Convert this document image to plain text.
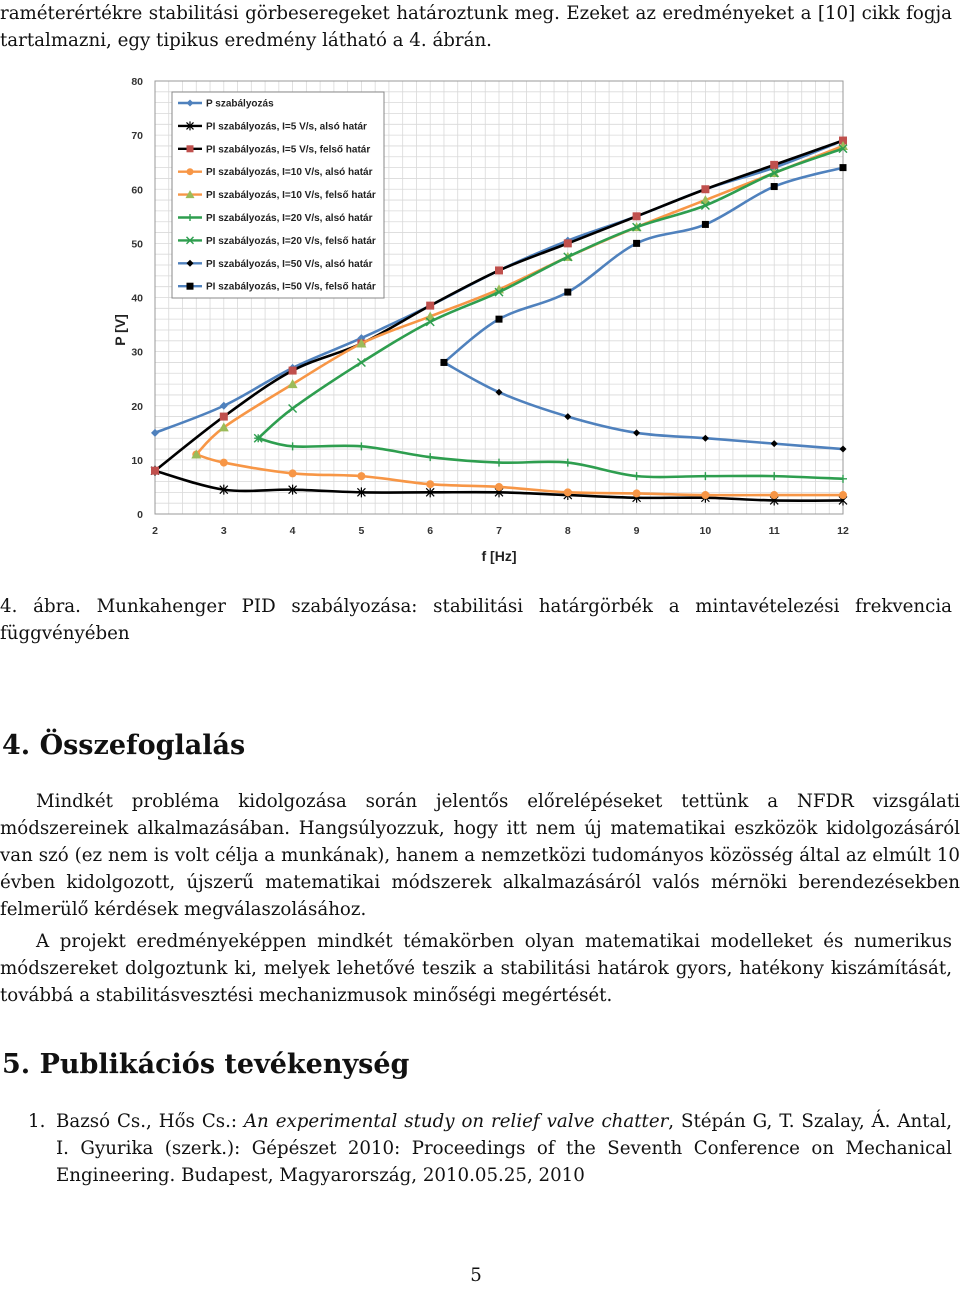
raméterértékre stabilitási görbeseregeket határoztunk meg. Ezeket az eredményeket a [10] cikk fogja
tartalmazni, egy tipikus eredmény látható a 4. ábrán.
0
10
20
30
40
50
60
70
80
2	3	4	5	6	7	8	9	10	11	12
f [Hz]
P [V]
P szabályozás
PI szabályozás, I=5 V/s, alsó határ
PI szabályozás, I=5 V/s, felső határ
PI szabályozás, I=10 V/s, alsó határ
PI szabályozás, I=10 V/s, felső határ
PI szabályozás, I=20 V/s, alsó határ
PI szabályozás, I=20 V/s, felső határ
PI szabályozás, I=50 V/s, alsó határ
PI szabályozás, I=50 V/s, felső határ
4. ábra. Munkahenger PID szabályozása: stabilitási határgörbék a mintavételezési frekvencia függvényében
4. Összefoglalás
Mindkét probléma kidolgozása során jelentős előrelépéseket tettünk a NFDR vizsgálati módszereinek alkalmazásában. Hangsúlyozzuk, hogy itt nem új matematikai eszközök kidolgozásáról van szó (ez nem is volt célja a munkának), hanem a nemzetközi tudományos közösség által az elmúlt 10 évben kidolgozott, újszerű matematikai módszerek alkalmazásáról valós mérnöki berendezésekben felmerülő kérdések megválaszolásához.
A projekt eredményeképpen mindkét témakörben olyan matematikai modelleket és numerikus módszereket dolgoztunk ki, melyek lehetővé teszik a stabilitási határok gyors, hatékony kiszámítását, továbbá a stabilitásvesztési mechanizmusok minőségi megértését.
5. Publikációs tevékenység
1. Bazsó Cs., Hős Cs.: An experimental study on relief valve chatter, Stépán G, T. Szalay, Á. Antal, I. Gyurika (szerk.): Gépészet 2010: Proceedings of the Seventh Conference on Mechanical Engineering. Budapest, Magyarország, 2010.05.25, 2010
5
